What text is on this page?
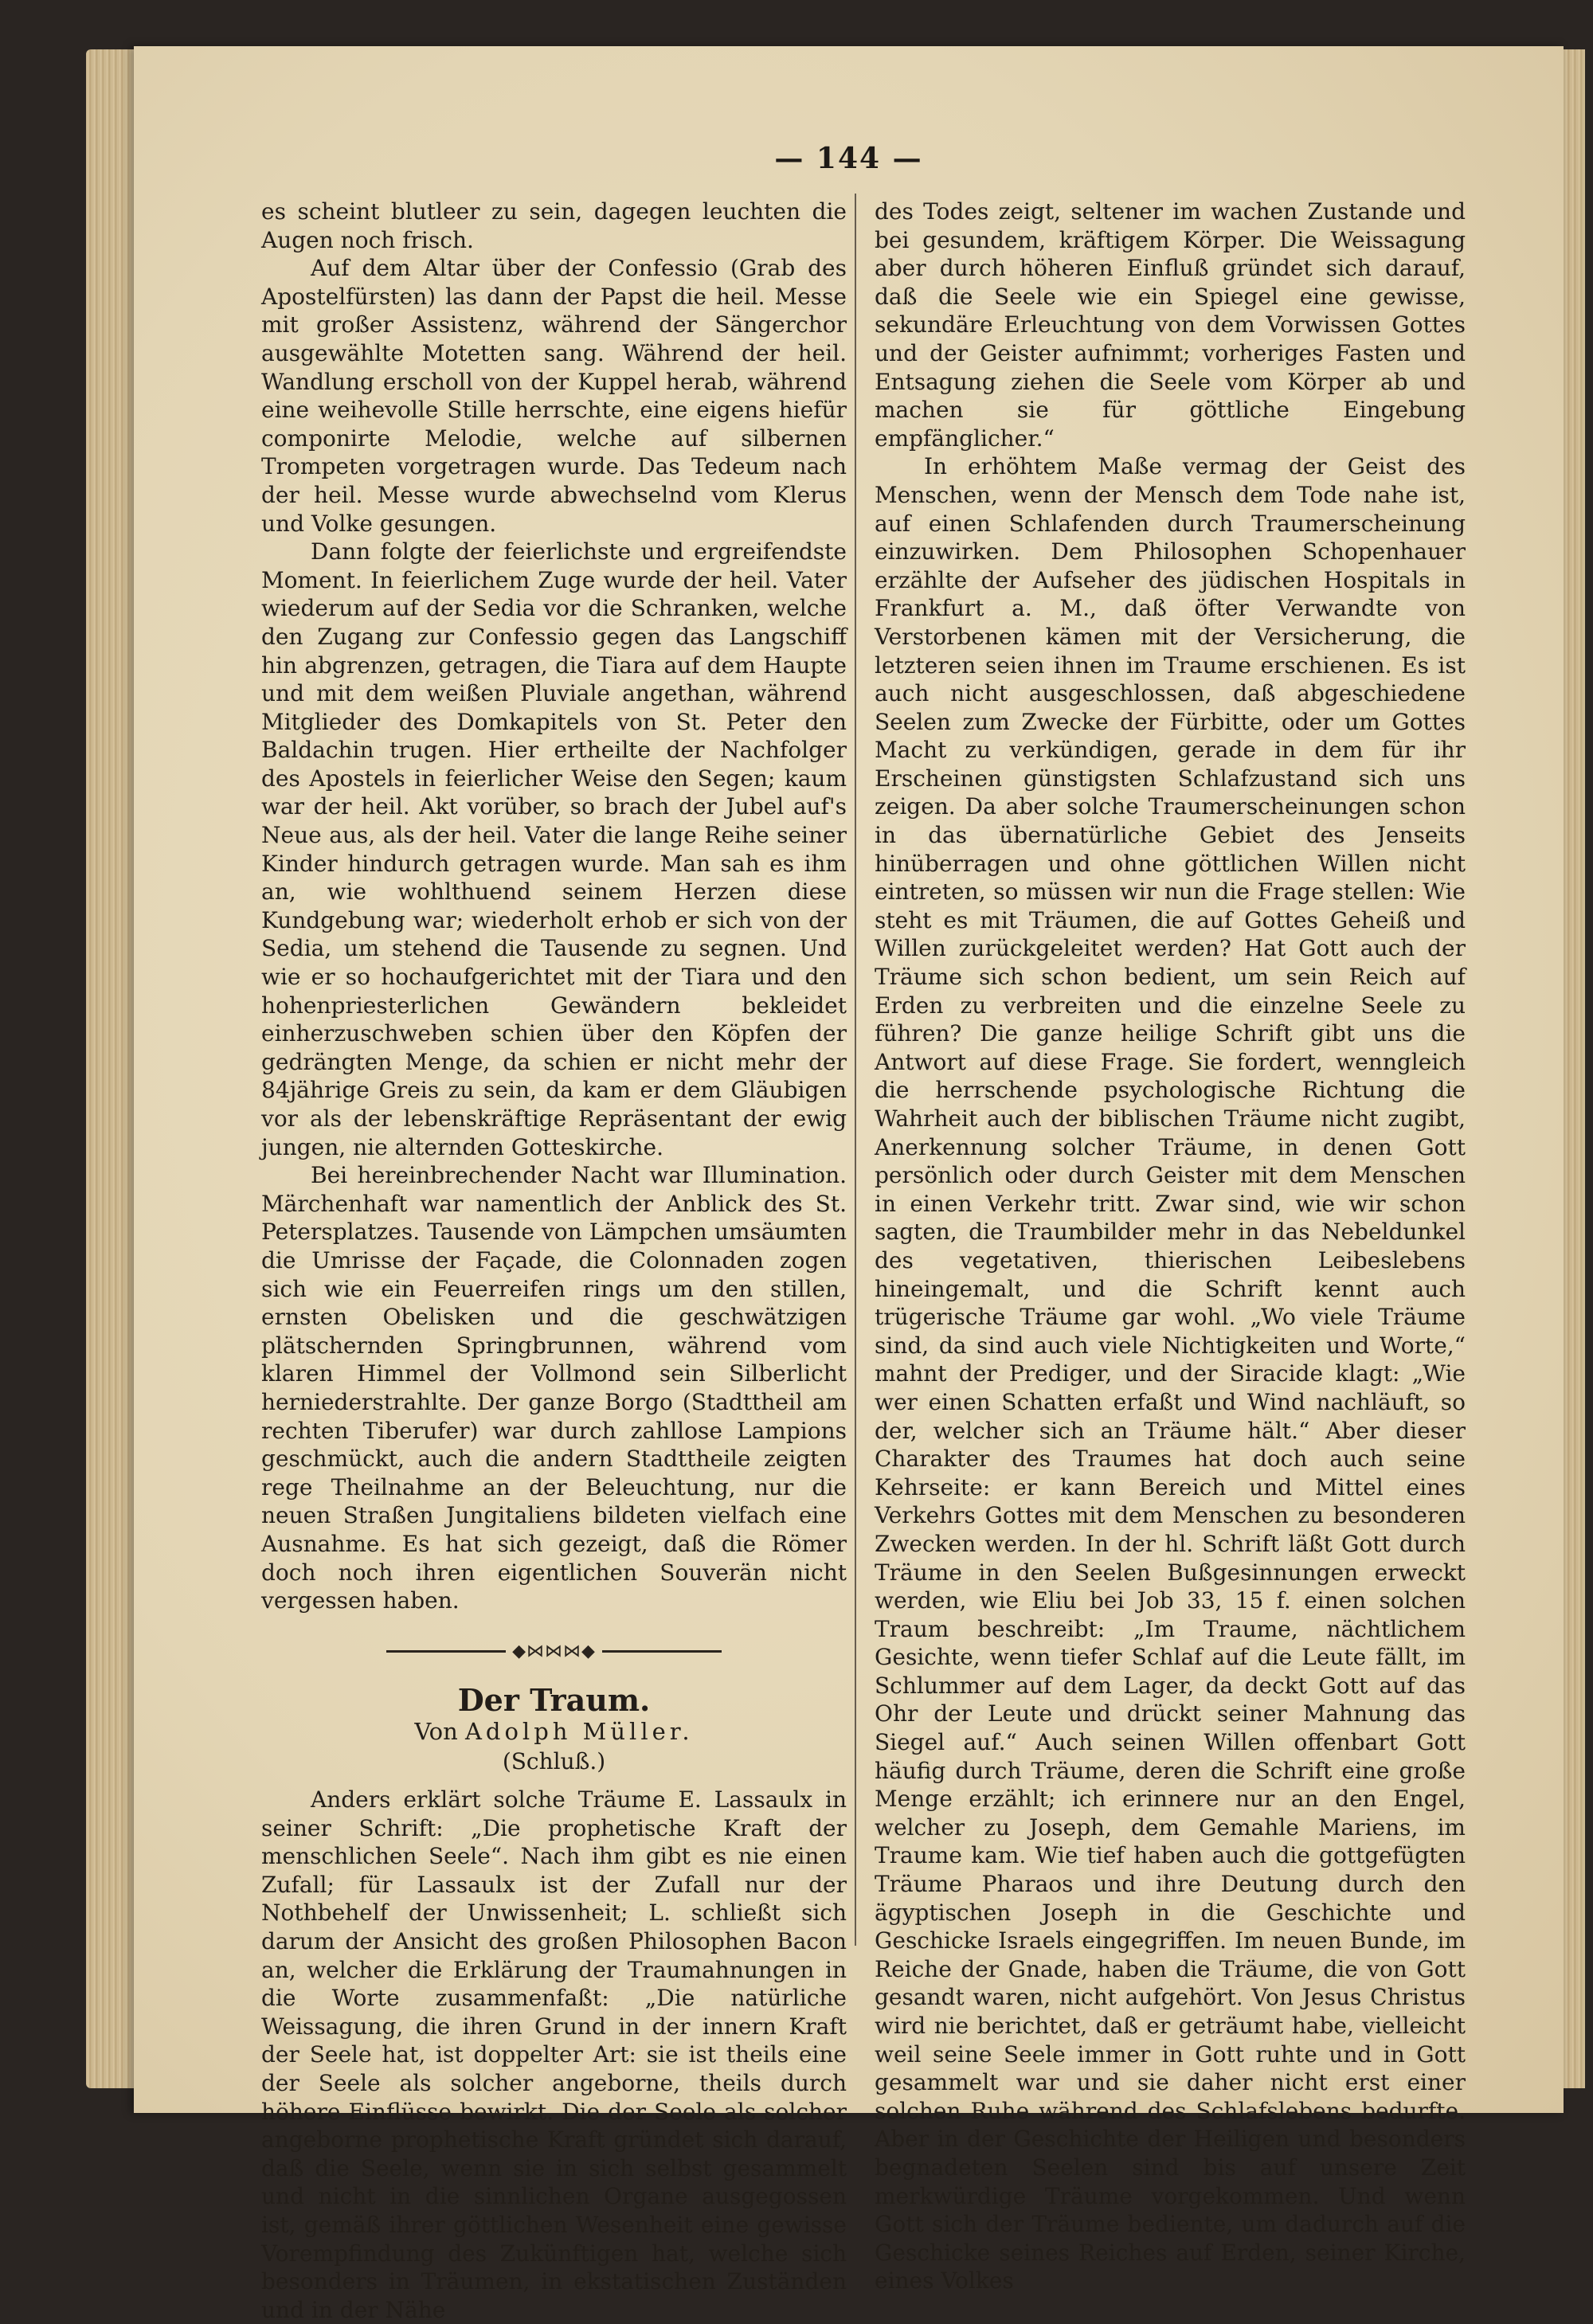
— 144 —

es scheint blutleer zu sein, dagegen leuchten die Augen noch frisch.

Auf dem Altar über der Confessio (Grab des Apostelfürsten) las dann der Papst die heil. Messe mit großer Assistenz, während der Sängerchor ausgewählte Motetten sang. Während der heil. Wandlung erscholl von der Kuppel herab, während eine weihevolle Stille herrschte, eine eigens hiefür componirte Melodie, welche auf silbernen Trompeten vorgetragen wurde. Das Tedeum nach der heil. Messe wurde abwechselnd vom Klerus und Volke gesungen.

Dann folgte der feierlichste und ergreifendste Moment. In feierlichem Zuge wurde der heil. Vater wiederum auf der Sedia vor die Schranken, welche den Zugang zur Confessio gegen das Langschiff hin abgrenzen, getragen, die Tiara auf dem Haupte und mit dem weißen Pluviale angethan, während Mitglieder des Domkapitels von St. Peter den Baldachin trugen. Hier ertheilte der Nachfolger des Apostels in feierlicher Weise den Segen; kaum war der heil. Akt vorüber, so brach der Jubel auf's Neue aus, als der heil. Vater die lange Reihe seiner Kinder hindurch getragen wurde. Man sah es ihm an, wie wohlthuend seinem Herzen diese Kundgebung war; wiederholt erhob er sich von der Sedia, um stehend die Tausende zu segnen. Und wie er so hochaufgerichtet mit der Tiara und den hohenpriesterlichen Gewändern bekleidet einherzuschweben schien über den Köpfen der gedrängten Menge, da schien er nicht mehr der 84jährige Greis zu sein, da kam er dem Gläubigen vor als der lebenskräftige Repräsentant der ewig jungen, nie alternden Gotteskirche.

Bei hereinbrechender Nacht war Illumination. Märchenhaft war namentlich der Anblick des St. Petersplatzes. Tausende von Lämpchen umsäumten die Umrisse der Façade, die Colonnaden zogen sich wie ein Feuerreifen rings um den stillen, ernsten Obelisken und die geschwätzigen plätschernden Springbrunnen, während vom klaren Himmel der Vollmond sein Silberlicht herniederstrahlte. Der ganze Borgo (Stadttheil am rechten Tiberufer) war durch zahllose Lampions geschmückt, auch die andern Stadttheile zeigten rege Theilnahme an der Beleuchtung, nur die neuen Straßen Jungitaliens bildeten vielfach eine Ausnahme. Es hat sich gezeigt, daß die Römer doch noch ihren eigentlichen Souverän nicht vergessen haben.

◆⋈⋈⋈◆
Der Traum.
Von Adolph Müller.
(Schluß.)

Anders erklärt solche Träume E. Lassaulx in seiner Schrift: „Die prophetische Kraft der menschlichen Seele“. Nach ihm gibt es nie einen Zufall; für Lassaulx ist der Zufall nur der Nothbehelf der Unwissenheit; L. schließt sich darum der Ansicht des großen Philosophen Bacon an, welcher die Erklärung der Traumahnungen in die Worte zusammenfaßt: „Die natürliche Weissagung, die ihren Grund in der innern Kraft der Seele hat, ist doppelter Art: sie ist theils eine der Seele als solcher angeborne, theils durch höhere Einflüsse bewirkt. Die der Seele als solcher angeborne prophetische Kraft gründet sich darauf, daß die Seele, wenn sie in sich selbst gesammelt und nicht in die sinnlichen Organe ausgegossen ist, gemäß ihrer göttlichen Wesenheit eine gewisse Vorempfindung des Zukünftigen hat, welche sich besonders in Träumen, in ekstatischen Zuständen und in der Nähe

des Todes zeigt, seltener im wachen Zustande und bei gesundem, kräftigem Körper. Die Weissagung aber durch höheren Einfluß gründet sich darauf, daß die Seele wie ein Spiegel eine gewisse, sekundäre Erleuchtung von dem Vorwissen Gottes und der Geister aufnimmt; vorheriges Fasten und Entsagung ziehen die Seele vom Körper ab und machen sie für göttliche Eingebung empfänglicher.“

In erhöhtem Maße vermag der Geist des Menschen, wenn der Mensch dem Tode nahe ist, auf einen Schlafenden durch Traumerscheinung einzuwirken. Dem Philosophen Schopenhauer erzählte der Aufseher des jüdischen Hospitals in Frankfurt a. M., daß öfter Verwandte von Verstorbenen kämen mit der Versicherung, die letzteren seien ihnen im Traume erschienen. Es ist auch nicht ausgeschlossen, daß abgeschiedene Seelen zum Zwecke der Fürbitte, oder um Gottes Macht zu verkündigen, gerade in dem für ihr Erscheinen günstigsten Schlafzustand sich uns zeigen. Da aber solche Traumerscheinungen schon in das übernatürliche Gebiet des Jenseits hinüberragen und ohne göttlichen Willen nicht eintreten, so müssen wir nun die Frage stellen: Wie steht es mit Träumen, die auf Gottes Geheiß und Willen zurückgeleitet werden? Hat Gott auch der Träume sich schon bedient, um sein Reich auf Erden zu verbreiten und die einzelne Seele zu führen? Die ganze heilige Schrift gibt uns die Antwort auf diese Frage. Sie fordert, wenngleich die herrschende psychologische Richtung die Wahrheit auch der biblischen Träume nicht zugibt, Anerkennung solcher Träume, in denen Gott persönlich oder durch Geister mit dem Menschen in einen Verkehr tritt. Zwar sind, wie wir schon sagten, die Traumbilder mehr in das Nebeldunkel des vegetativen, thierischen Leibeslebens hineingemalt, und die Schrift kennt auch trügerische Träume gar wohl. „Wo viele Träume sind, da sind auch viele Nichtigkeiten und Worte,“ mahnt der Prediger, und der Siracide klagt: „Wie wer einen Schatten erfaßt und Wind nachläuft, so der, welcher sich an Träume hält.“ Aber dieser Charakter des Traumes hat doch auch seine Kehrseite: er kann Bereich und Mittel eines Verkehrs Gottes mit dem Menschen zu besonderen Zwecken werden. In der hl. Schrift läßt Gott durch Träume in den Seelen Bußgesinnungen erweckt werden, wie Eliu bei Job 33, 15 f. einen solchen Traum beschreibt: „Im Traume, nächtlichem Gesichte, wenn tiefer Schlaf auf die Leute fällt, im Schlummer auf dem Lager, da deckt Gott auf das Ohr der Leute und drückt seiner Mahnung das Siegel auf.“ Auch seinen Willen offenbart Gott häufig durch Träume, deren die Schrift eine große Menge erzählt; ich erinnere nur an den Engel, welcher zu Joseph, dem Gemahle Mariens, im Traume kam. Wie tief haben auch die gottgefügten Träume Pharaos und ihre Deutung durch den ägyptischen Joseph in die Geschichte und Geschicke Israels eingegriffen. Im neuen Bunde, im Reiche der Gnade, haben die Träume, die von Gott gesandt waren, nicht aufgehört. Von Jesus Christus wird nie berichtet, daß er geträumt habe, vielleicht weil seine Seele immer in Gott ruhte und in Gott gesammelt war und sie daher nicht erst einer solchen Ruhe während des Schlafslebens bedurfte. Aber in der Geschichte der Heiligen und besonders begnadeten Seelen sind bis auf unsere Zeit merkwürdige Träume vorgekommen. Und wenn Gott sich der Träume bediente, um dadurch auf die Geschicke seines Reiches auf Erden, seiner Kirche, eines Volkes
